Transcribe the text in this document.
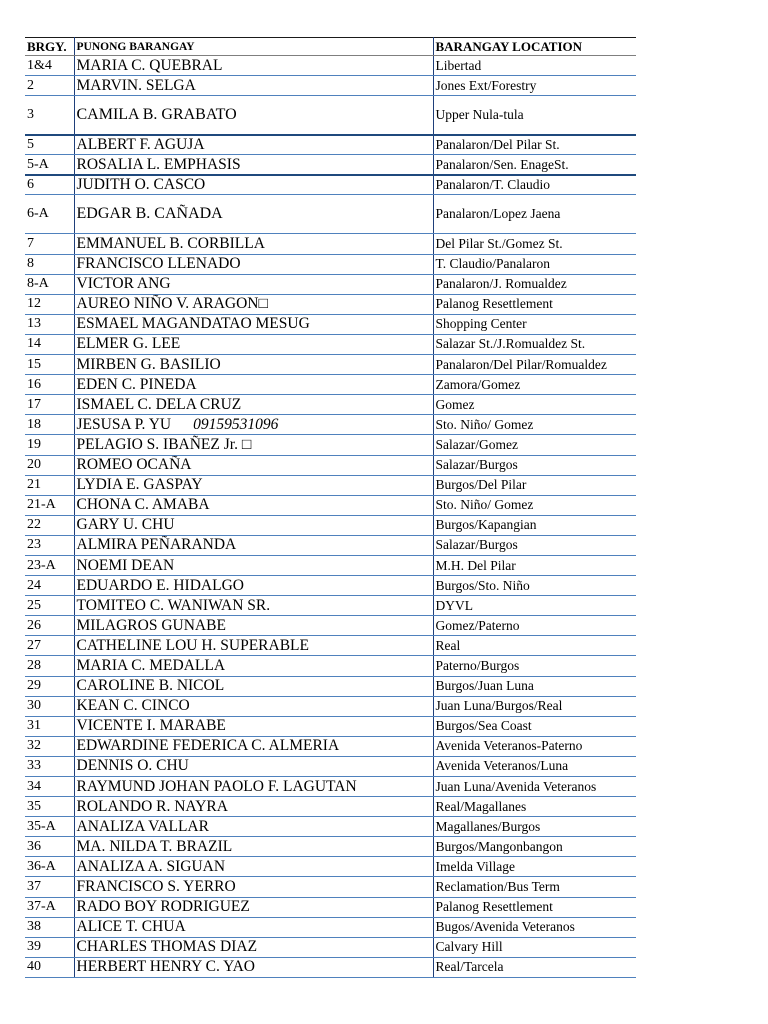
BRGY.	PUNONG BARANGAY	BARANGAY LOCATION
1&4	MARIA C. QUEBRAL	Libertad
2	MARVIN. SELGA	Jones Ext/Forestry
3	CAMILA B. GRABATO	Upper Nula-tula
5	ALBERT F. AGUJA	Panalaron/Del Pilar St.
5-A	ROSALIA L. EMPHASIS	Panalaron/Sen. EnageSt.
6	JUDITH O. CASCO	Panalaron/T. Claudio
6-A	EDGAR B. CAÑADA	Panalaron/Lopez Jaena
7	EMMANUEL B. CORBILLA	Del Pilar St./Gomez St.
8	FRANCISCO LLENADO	T. Claudio/Panalaron
8-A	VICTOR ANG	Panalaron/J. Romualdez
12	AUREO NIÑO V. ARAGON□	Palanog Resettlement
13	ESMAEL MAGANDATAO MESUG	Shopping Center
14	ELMER G. LEE	Salazar St./J.Romualdez St.
15	MIRBEN G. BASILIO	Panalaron/Del Pilar/Romualdez
16	EDEN C. PINEDA	Zamora/Gomez
17	ISMAEL C. DELA CRUZ	Gomez
18	JESUSA P. YU 09159531096	Sto. Niño/ Gomez
19	PELAGIO S. IBAÑEZ Jr. □	Salazar/Gomez
20	ROMEO OCAÑA	Salazar/Burgos
21	LYDIA E. GASPAY	Burgos/Del Pilar
21-A	CHONA C. AMABA	Sto. Niño/ Gomez
22	GARY U. CHU	Burgos/Kapangian
23	ALMIRA PEÑARANDA	Salazar/Burgos
23-A	NOEMI DEAN	M.H. Del Pilar
24	EDUARDO E. HIDALGO	Burgos/Sto. Niño
25	TOMITEO C. WANIWAN SR.	DYVL
26	MILAGROS GUNABE	Gomez/Paterno
27	CATHELINE LOU H. SUPERABLE	Real
28	MARIA C. MEDALLA	Paterno/Burgos
29	CAROLINE B. NICOL	Burgos/Juan Luna
30	KEAN C. CINCO	Juan Luna/Burgos/Real
31	VICENTE I. MARABE	Burgos/Sea Coast
32	EDWARDINE FEDERICA C. ALMERIA	Avenida Veteranos-Paterno
33	DENNIS O. CHU	Avenida Veteranos/Luna
34	RAYMUND JOHAN PAOLO F. LAGUTAN	Juan Luna/Avenida Veteranos
35	ROLANDO R. NAYRA	Real/Magallanes
35-A	ANALIZA VALLAR	Magallanes/Burgos
36	MA. NILDA T. BRAZIL	Burgos/Mangonbangon
36-A	ANALIZA A. SIGUAN	Imelda Village
37	FRANCISCO S. YERRO	Reclamation/Bus Term
37-A	RADO BOY RODRIGUEZ	Palanog Resettlement
38	ALICE T. CHUA	Bugos/Avenida Veteranos
39	CHARLES THOMAS DIAZ	Calvary Hill
40	HERBERT HENRY C. YAO	Real/Tarcela
